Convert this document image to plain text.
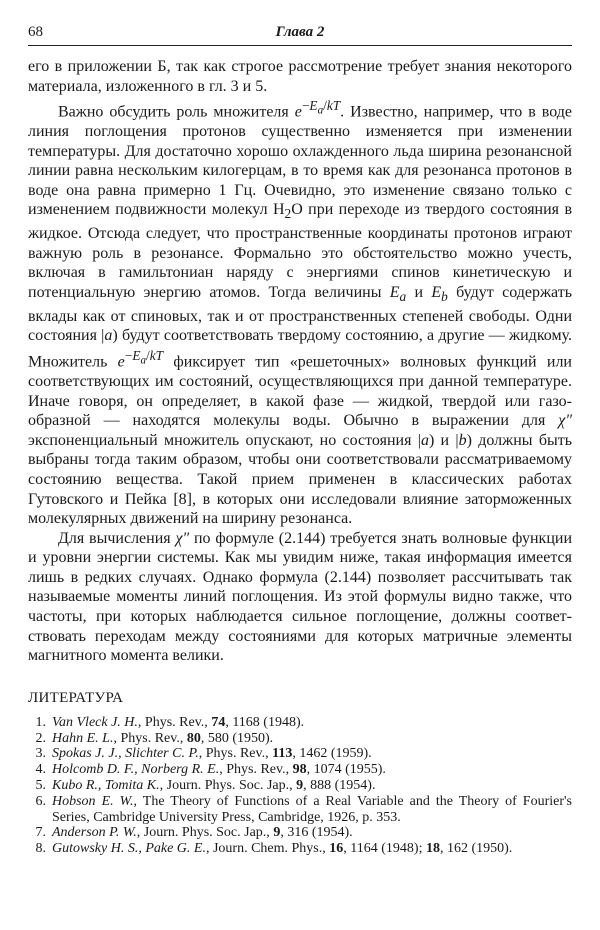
68	Глава 2

его в приложении Б, так как строгое рассмотрение требует знания некоторого материала, изложенного в гл. 3 и 5.

Важно обсудить роль множителя $e^{-E_a/kT}$. Известно, например, что в воде линия поглощения протонов существенно изменяется при изменении температуры. Для достаточно хорошо охлажденного льда ширина резонансной линии равна нескольким килогерцам, в то время как для резонанса протонов в воде она равна примерно 1 Гц. Очевидно, это изменение связано только с изменением подвижности молекул $H_2O$ при переходе из твердого состояния в жидкое. Отсюда следует, что пространственные координаты протонов играют важную роль в резонансе. Формально это обстоятельство можно учесть, включая в гамильтониан наряду с энергиями спинов кинетическую и потенциальную энергию атомов. Тогда величины $E_a$ и $E_b$ будут содержать вклады как от спиновых, так и от пространственных степеней свободы. Одни состояния |a) будут соответствовать твердому состоянию, а другие — жидкому. Множитель $e^{-E_a/kT}$ фиксирует тип «решеточных» волновых функций или соответствующих им состояний, осуществляющихся при данной температуре. Иначе говоря, он определяет, в какой фазе — жидкой, твердой или газообразной — находятся молекулы воды. Обычно в выражении для χ″ экспоненциальный множитель опускают, но состояния |a) и |b) должны быть выбраны тогда таким образом, чтобы они соответствовали рассматриваемому состоянию вещества. Такой прием применен в классических работах Гутовского и Пейка [8], в которых они исследовали влияние заторможенных молекулярных движений на ширину резонанса.

Для вычисления χ″ по формуле (2.144) требуется знать волновые функции и уровни энергии системы. Как мы увидим ниже, такая информация имеется лишь в редких случаях. Однако формула (2.144) позволяет рассчитывать так называемые моменты линий поглощения. Из этой формулы видно также, что частоты, при которых наблюдается сильное поглощение, должны соответствовать переходам между состояниями для которых матричные элементы магнитного момента велики.

ЛИТЕРАТУРА
1. Van Vleck J. H., Phys. Rev., 74, 1168 (1948).
2. Hahn E. L., Phys. Rev., 80, 580 (1950).
3. Spokas J. J., Slichter C. P., Phys. Rev., 113, 1462 (1959).
4. Holcomb D. F., Norberg R. E., Phys. Rev., 98, 1074 (1955).
5. Kubo R., Tomita K., Journ. Phys. Soc. Jap., 9, 888 (1954).
6. Hobson E. W., The Theory of Functions of a Real Variable and the Theory of Fourier's Series, Cambridge University Press, Cambridge, 1926, p. 353.
7. Anderson P. W., Journ. Phys. Soc. Jap., 9, 316 (1954).
8. Gutowsky H. S., Pake G. E., Journ. Chem. Phys., 16, 1164 (1948); 18, 162 (1950).
